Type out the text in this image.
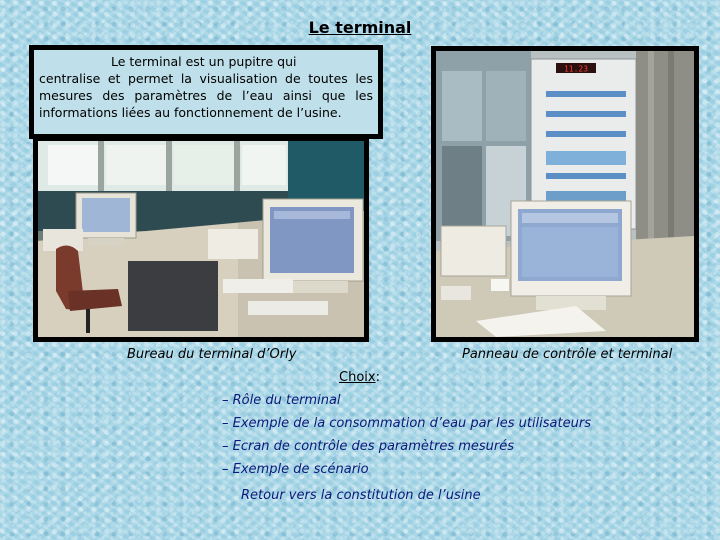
Le terminal
Le terminal est un pupitre qui
centralise et permet la visualisation de toutes les mesures des paramètres de l’eau ainsi que les informations liées au fonctionnement de l’usine.
11.23
Bureau du terminal d’Orly	Panneau de contrôle et terminal
Choix:
– Rôle du terminal
– Exemple de la consommation d’eau par les utilisateurs
– Ecran de contrôle des paramètres mesurés
– Exemple de scénario
Retour vers la constitution de l’usine
